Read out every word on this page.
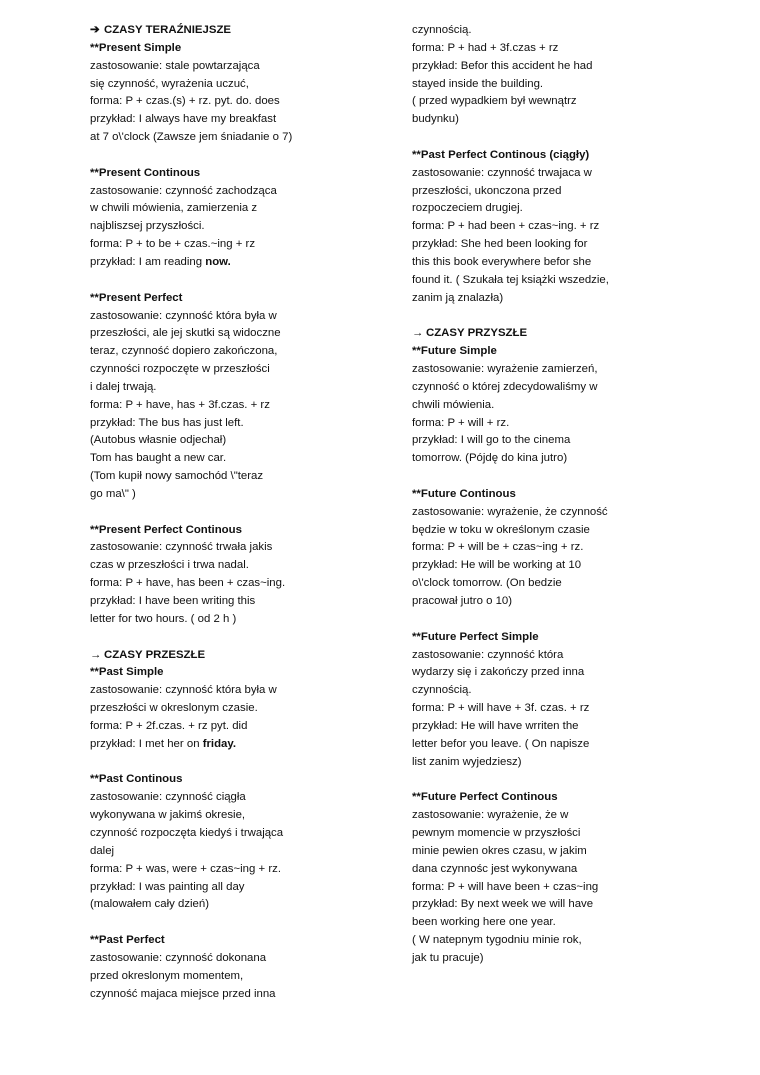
➔ CZASY TERAŹNIEJSZE
**Present Simple
zastosowanie: stale powtarzająca
się czynność, wyrażenia uczuć,
forma: P + czas.(s) + rz. pyt. do. does
przykład: I always have my breakfast
at 7 o\'clock (Zawsze jem śniadanie o 7)
**Present Continous
zastosowanie: czynność zachodząca
w chwili mówienia, zamierzenia z
najbliszsej przyszłości.
forma: P + to be + czas.~ing + rz
przykład: I am reading now.
**Present Perfect
zastosowanie: czynność która była w
przeszłości, ale jej skutki są widoczne
teraz, czynność dopiero zakończona,
czynności rozpoczęte w przeszłości
i dalej trwają.
forma: P + have, has + 3f.czas. + rz
przykład: The bus has just left.
(Autobus własnie odjechał)
Tom has baught a new car.
(Tom kupił nowy samochód \"teraz
go ma\" )
**Present Perfect Continous
zastosowanie: czynność trwała jakis
czas w przeszłości i trwa nadal.
forma: P + have, has been + czas~ing.
przykład: I have been writing this
letter for two hours. ( od 2 h )
→ CZASY PRZESZŁE
**Past Simple
zastosowanie: czynność która była w
przeszłości w okreslonym czasie.
forma: P + 2f.czas. + rz pyt. did
przykład: I met her on friday.
**Past Continous
zastosowanie: czynność ciągła
wykonywana w jakimś okresie,
czynność rozpoczęta kiedyś i trwająca
dalej
forma: P + was, were + czas~ing + rz.
przykład: I was painting all day
(malowałem cały dzień)
**Past Perfect
zastosowanie: czynność dokonana
przed okreslonym momentem,
czynność majaca miejsce przed inna
czynnością.
forma: P + had + 3f.czas + rz
przykład: Befor this accident he had
stayed inside the building.
( przed wypadkiem był wewnątrz
budynku)
**Past Perfect Continous (ciągły)
zastosowanie: czynność trwajaca w
przeszłości, ukonczona przed
rozpoczeciem drugiej.
forma: P + had been + czas~ing. + rz
przykład: She hed been looking for
this this book everywhere befor she
found it. ( Szukała tej książki wszedzie,
zanim ją znalazła)
→ CZASY PRZYSZŁE
**Future Simple
zastosowanie: wyrażenie zamierzeń,
czynność o której zdecydowaliśmy w
chwili mówienia.
forma: P + will + rz.
przykład: I will go to the cinema
tomorrow. (Pójdę do kina jutro)
**Future Continous
zastosowanie: wyrażenie, że czynność
będzie w toku w określonym czasie
forma: P + will be + czas~ing + rz.
przykład: He will be working at 10
o\'clock tomorrow. (On bedzie
pracował jutro o 10)
**Future Perfect Simple
zastosowanie: czynność która
wydarzy się i zakończy przed inna
czynnością.
forma: P + will have + 3f. czas. + rz
przykład: He will have wrriten the
letter befor you leave. ( On napisze
list zanim wyjedziesz)
**Future Perfect Continous
zastosowanie: wyrażenie, że w
pewnym momencie w przyszłości
minie pewien okres czasu, w jakim
dana czynnośc jest wykonywana
forma: P + will have been + czas~ing
przykład: By next week we will have
been working here one year.
( W natepnym tygodniu minie rok,
jak tu pracuje)
